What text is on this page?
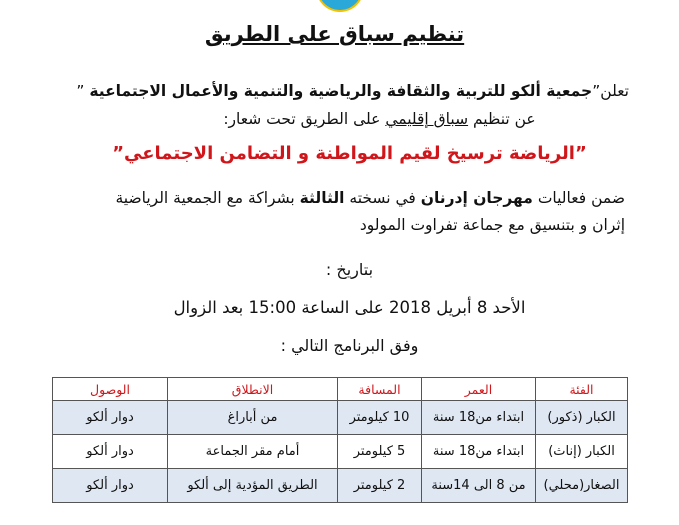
تنظيم سباق على الطريق
تعلن”جمعية ألكو للتربية والثقافة والرياضية والتنمية والأعمال الاجتماعية ”
عن تنظيم سباق إقليمي على الطريق تحت شعار:
”الرياضة ترسيخ لقيم المواطنة و التضامن الاجتماعي”
ضمن فعاليات مهرجان إدرنان في نسخته الثالثة بشراكة مع الجمعية الرياضية
إثران و بتنسيق مع جماعة تفراوت المولود
بتاريخ :
الأحد 8 أبريل 2018 على الساعة 15:00 بعد الزوال
وفق البرنامج التالي :
الفئة	العمر	المسافة	الانطلاق	الوصول
الكبار (ذكور)	ابتداء من18 سنة	10 كيلومتر	من أباراغ	دوار ألكو
الكبار (إناث)	ابتداء من18 سنة	5 كيلومتر	أمام مقر الجماعة	دوار ألكو
الصغار(محلي)	من 8 الى 14سنة	2 كيلومتر	الطريق المؤدية إلى ألكو	دوار ألكو
